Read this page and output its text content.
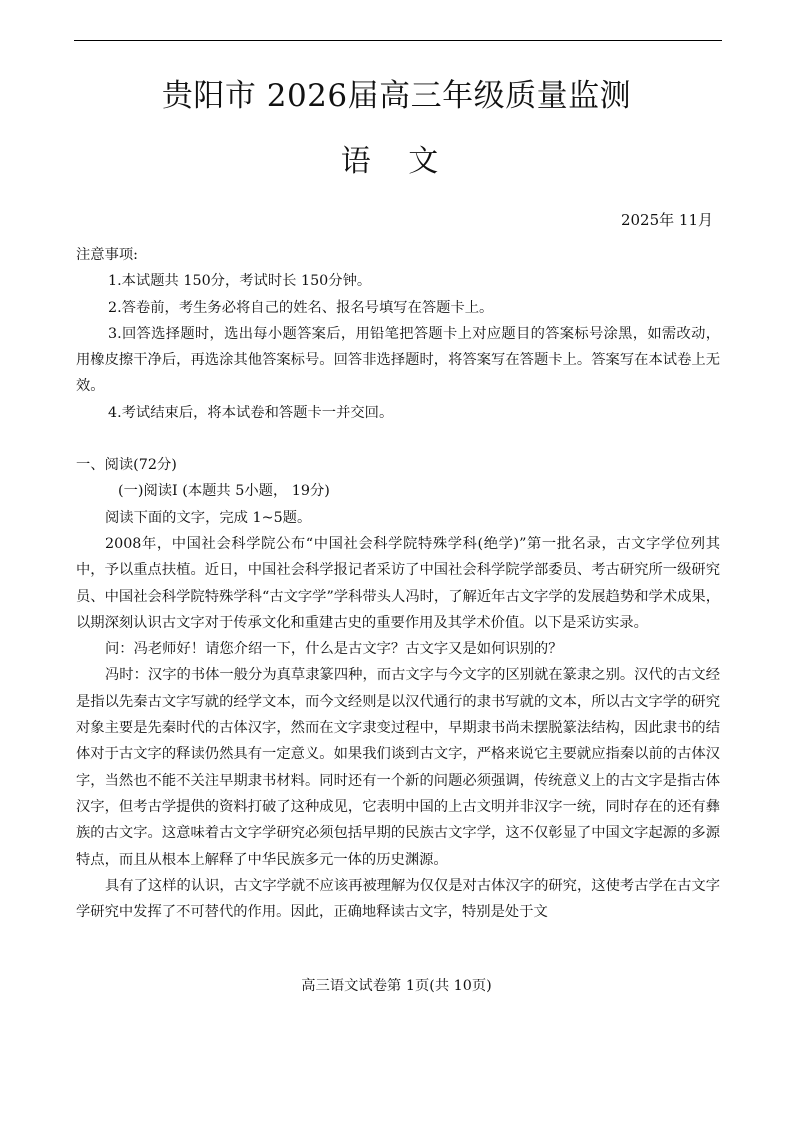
贵阳市 2026届高三年级质量监测
语 文
2025年 11月

注意事项:

1.本试题共 150分，考试时长 150分钟。

2.答卷前，考生务必将自己的姓名、报名号填写在答题卡上。

3.回答选择题时，选出每小题答案后，用铅笔把答题卡上对应题目的答案标号涂黑，如需改动，用橡皮擦干净后，再选涂其他答案标号。回答非选择题时，将答案写在答题卡上。答案写在本试卷上无效。

4.考试结束后，将本试卷和答题卡一并交回。

一、阅读(72分)

(一)阅读Ⅰ (本题共 5小题， 19分)

阅读下面的文字，完成 1~5题。

2008年，中国社会科学院公布“中国社会科学院特殊学科(绝学)”第一批名录，古文字学位列其中，予以重点扶植。近日，中国社会科学报记者采访了中国社会科学院学部委员、考古研究所一级研究员、中国社会科学院特殊学科“古文字学”学科带头人冯时，了解近年古文字学的发展趋势和学术成果，以期深刻认识古文字对于传承文化和重建古史的重要作用及其学术价值。以下是采访实录。

问：冯老师好！请您介绍一下，什么是古文字？古文字又是如何识别的？

冯时：汉字的书体一般分为真草隶篆四种，而古文字与今文字的区别就在篆隶之别。汉代的古文经是指以先秦古文字写就的经学文本，而今文经则是以汉代通行的隶书写就的文本，所以古文字学的研究对象主要是先秦时代的古体汉字，然而在文字隶变过程中，早期隶书尚未摆脱篆法结构，因此隶书的结体对于古文字的释读仍然具有一定意义。如果我们谈到古文字，严格来说它主要就应指秦以前的古体汉字，当然也不能不关注早期隶书材料。同时还有一个新的问题必须强调，传统意义上的古文字是指古体汉字，但考古学提供的资料打破了这种成见，它表明中国的上古文明并非汉字一统，同时存在的还有彝族的古文字。这意味着古文字学研究必须包括早期的民族古文字学，这不仅彰显了中国文字起源的多源特点，而且从根本上解释了中华民族多元一体的历史渊源。

具有了这样的认识，古文字学就不应该再被理解为仅仅是对古体汉字的研究，这使考古学在古文字学研究中发挥了不可替代的作用。因此，正确地释读古文字，特别是处于文

高三语文试卷第 1页(共 10页)
